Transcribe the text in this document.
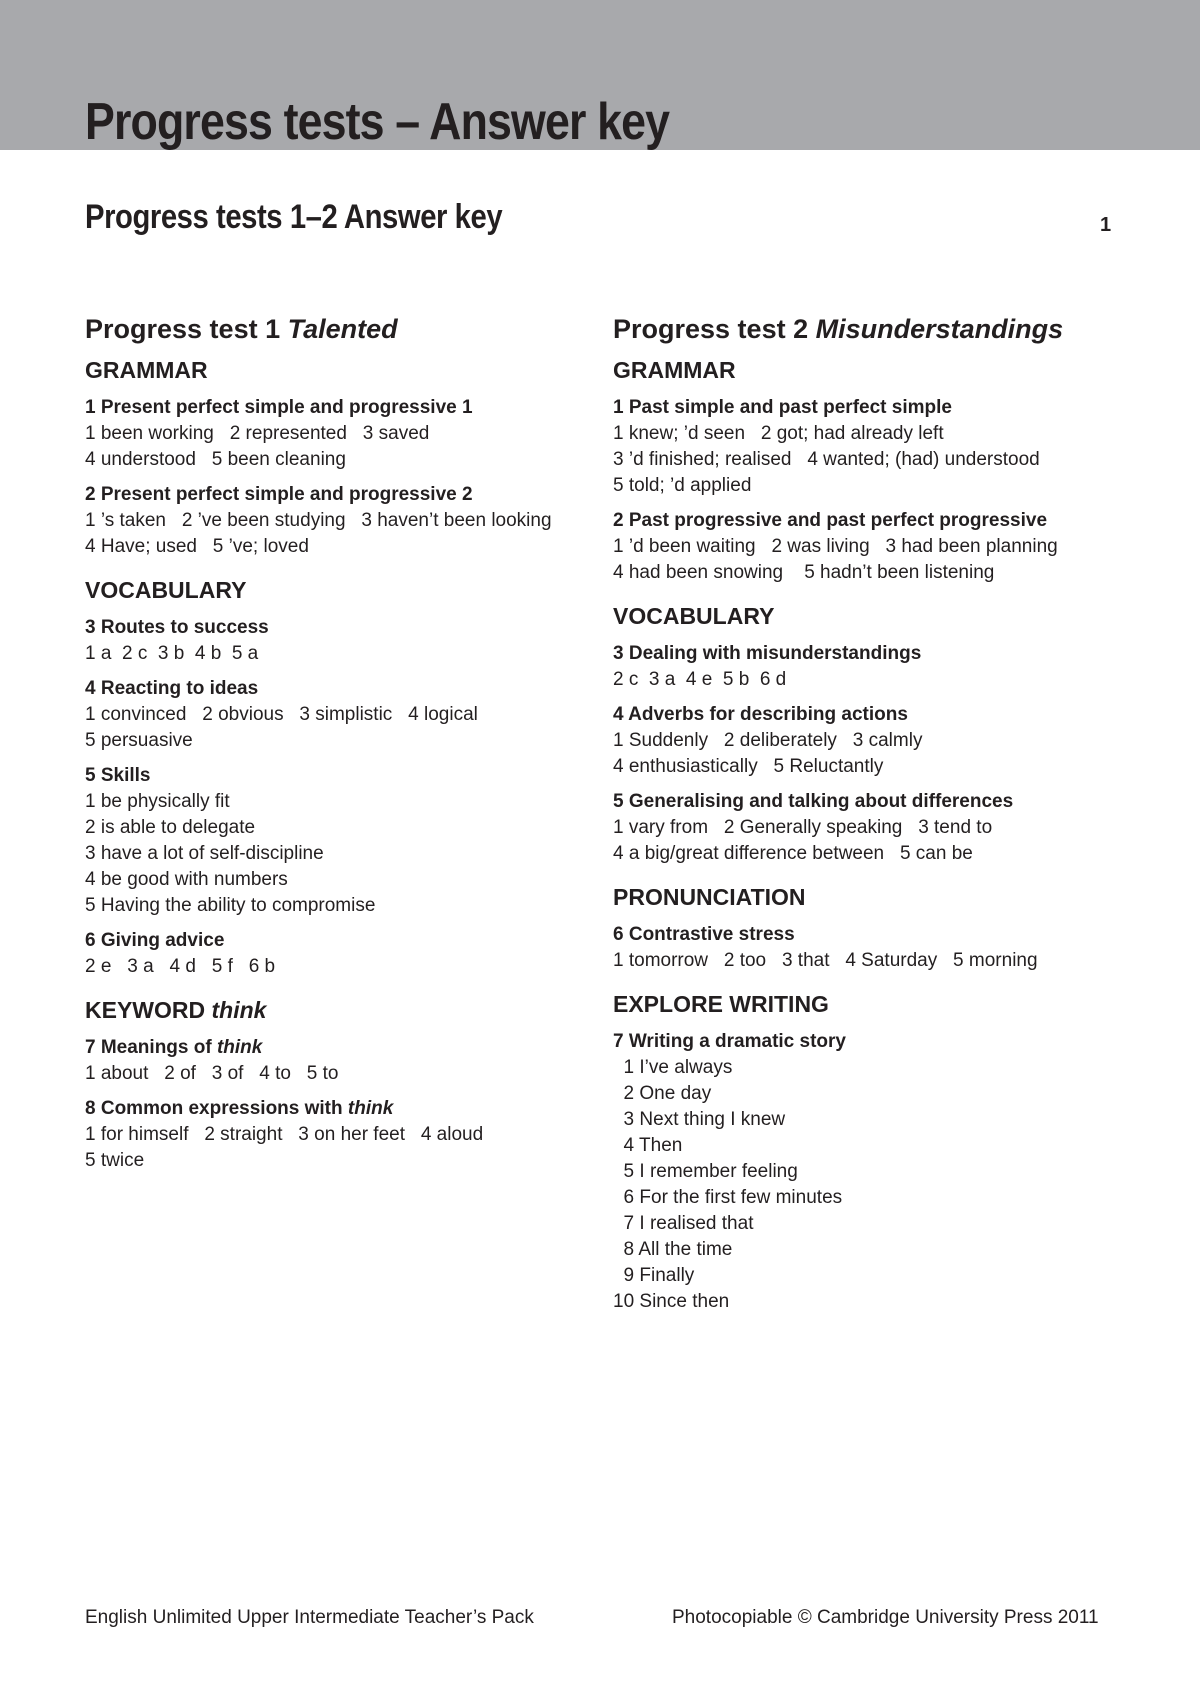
Progress tests – Answer key
Progress tests 1–2 Answer key	1
Progress test 1 Talented
GRAMMAR
1 Present perfect simple and progressive 1
1 been working   2 represented   3 saved
4 understood   5 been cleaning
2 Present perfect simple and progressive 2
1 ’s taken   2 ’ve been studying   3 haven’t been looking
4 Have; used   5 ’ve; loved
VOCABULARY
3 Routes to success
1 a  2 c  3 b  4 b  5 a
4 Reacting to ideas
1 convinced   2 obvious   3 simplistic   4 logical
5 persuasive
5 Skills
1 be physically fit
2 is able to delegate
3 have a lot of self-discipline
4 be good with numbers
5 Having the ability to compromise
6 Giving advice
2 e   3 a   4 d   5 f   6 b
KEYWORD think
7 Meanings of think
1 about   2 of   3 of   4 to   5 to
8 Common expressions with think
1 for himself   2 straight   3 on her feet   4 aloud
5 twice
Progress test 2 Misunderstandings
GRAMMAR
1 Past simple and past perfect simple
1 knew; ’d seen   2 got; had already left
3 ’d finished; realised   4 wanted; (had) understood
5 told; ’d applied
2 Past progressive and past perfect progressive
1 ’d been waiting   2 was living   3 had been planning
4 had been snowing    5 hadn’t been listening
VOCABULARY
3 Dealing with misunderstandings
2 c  3 a  4 e  5 b  6 d
4 Adverbs for describing actions
1 Suddenly   2 deliberately   3 calmly
4 enthusiastically   5 Reluctantly
5 Generalising and talking about differences
1 vary from   2 Generally speaking   3 tend to
4 a big/great difference between   5 can be
PRONUNCIATION
6 Contrastive stress
1 tomorrow   2 too   3 that   4 Saturday   5 morning
EXPLORE WRITING
7 Writing a dramatic story
1 I’ve always
2 One day
3 Next thing I knew
4 Then
5 I remember feeling
6 For the first few minutes
7 I realised that
8 All the time
9 Finally
10 Since then
English Unlimited Upper Intermediate Teacher’s Pack	Photocopiable © Cambridge University Press 2011
